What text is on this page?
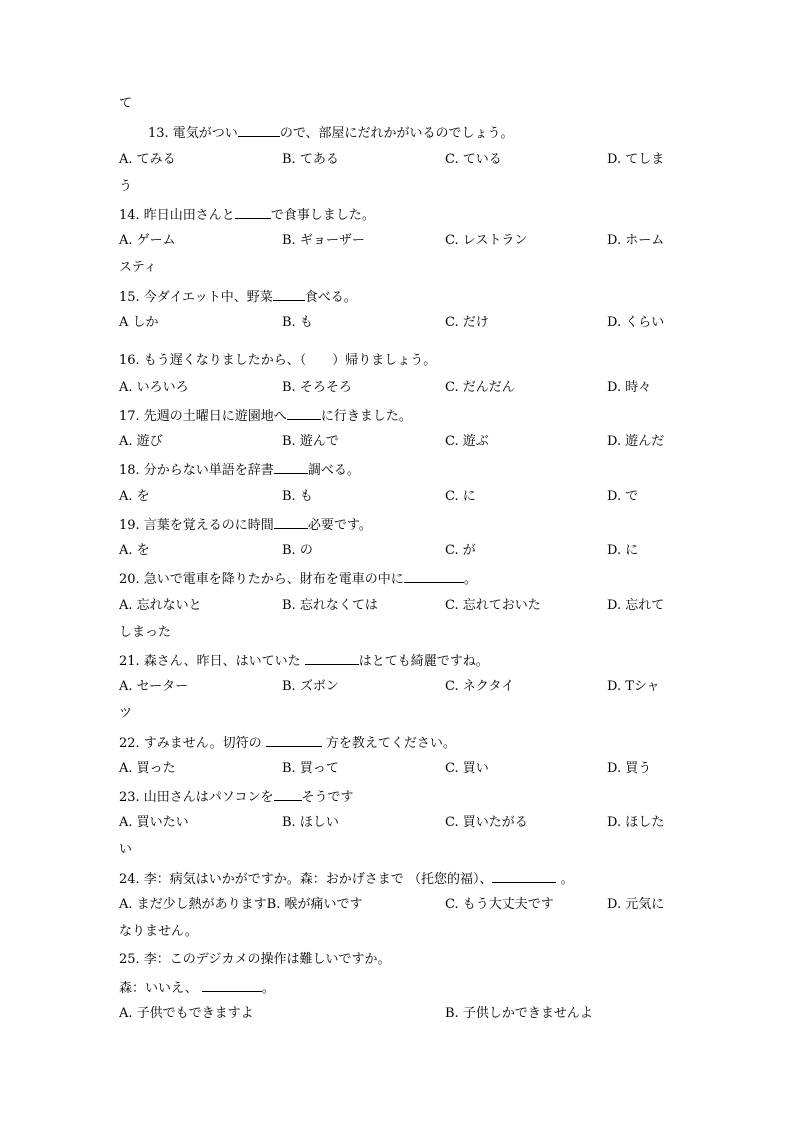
て
13. 電気がつい	ので、部屋にだれかがいるのでしょう。
A. てみる	B. てある	C. ている	D. てしま
う
14. 昨日山田さんと	で食事しました。
A. ゲーム	B. ギョーザー	C. レストラン	D. ホーム
スティ
15. 今ダイエット中、野菜 食べる。
A しか	B. も	C. だけ	D. くらい
16. もう遅くなりましたから、（　　）帰りましょう。
A. いろいろ	B. そろそろ	C. だんだん	D. 時々
17. 先週の土曜日に遊園地へ	に行きました。
A. 遊び	B. 遊んで	C. 遊ぶ	D. 遊んだ
18. 分からない単語を辞書	調べる。
A. を	B. も	C. に	D. で
19. 言葉を覚えるのに時間	必要です。
A. を	B. の	C. が	D. に
20. 急いで電車を降りたから、財布を電車の中に	。
A. 忘れないと	B. 忘れなくては	C. 忘れておいた	D. 忘れて
しまった
21. 森さん、昨日、はいていた	はとても綺麗ですね。
A. セーター	B. ズボン	C. ネクタイ	D. Tシャ
ツ
22. すみません。切符の	方を教えてください。
A. 買った	B. 買って	C. 買い	D. 買う
23. 山田さんはパソコンを そうです
A. 買いたい	B. ほしい	C. 買いたがる	D. ほした
い
24. 李：病気はいかがですか。森：おかげさまで （托您的福）、	。
A. まだ少し熱がありますB. 喉が痛いです	C. もう大丈夫です	D. 元気に
なりません。
25. 李：このデジカメの操作は難しいですか。
森：いいえ、	。
A. 子供でもできますよ	B. 子供しかできませんよ
